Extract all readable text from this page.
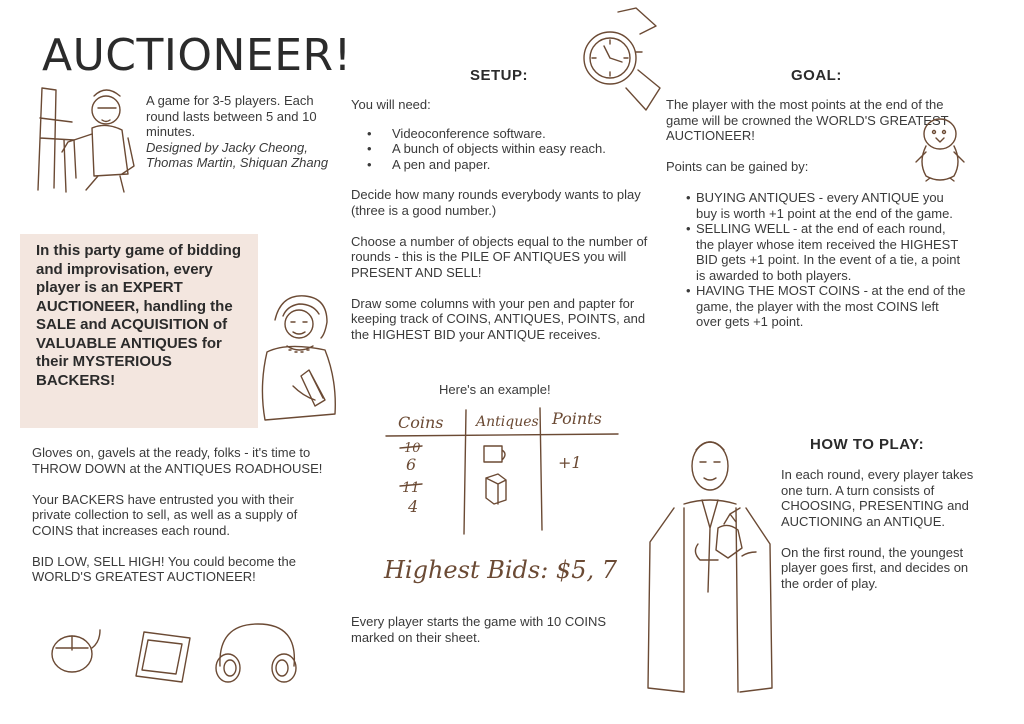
AUCTIONEER!

A game for 3-5 players. Each round lasts between 5 and 10 minutes.

Designed by Jacky Cheong, Thomas Martin, Shiquan Zhang

In this party game of bidding and improvisation, every player is an EXPERT AUCTIONEER, handling the SALE and ACQUISITION of VALUABLE ANTIQUES for their MYSTERIOUS BACKERS!

Gloves on, gavels at the ready, folks - it's time to THROW DOWN at the ANTIQUES ROADHOUSE!

Your BACKERS have entrusted you with their private collection to sell, as well as a supply of COINS that increases each round.

BID LOW, SELL HIGH! You could become the WORLD'S GREATEST AUCTIONEER!

SETUP:

You will need:

• Videoconference software.
• A bunch of objects within easy reach.
• A pen and paper.

Decide how many rounds everybody wants to play (three is a good number.)

Choose a number of objects equal to the number of rounds - this is the PILE OF ANTIQUES you will PRESENT AND SELL!

Draw some columns with your pen and papter for keeping track of COINS, ANTIQUES, POINTS, and the HIGHEST BID your ANTIQUE receives.

Here's an example!
Coins Antiques Points
10
6
11
4
+1
Highest Bids: $5, 7
Every player starts the game with 10 COINS marked on their sheet.
GOAL:

The player with the most points at the end of the game will be crowned the WORLD'S GREATEST AUCTIONEER!

Points can be gained by:

• BUYING ANTIQUES - every ANTIQUE you buy is worth +1 point at the end of the game.
• SELLING WELL - at the end of each round, the player whose item received the HIGHEST BID gets +1 point. In the event of a tie, a point is awarded to both players.
• HAVING THE MOST COINS - at the end of the game, the player with the most COINS left over gets +1 point.
HOW TO PLAY:

In each round, every player takes one turn. A turn consists of CHOOSING, PRESENTING and AUCTIONING an ANTIQUE.

On the first round, the youngest player goes first, and decides on the order of play.
